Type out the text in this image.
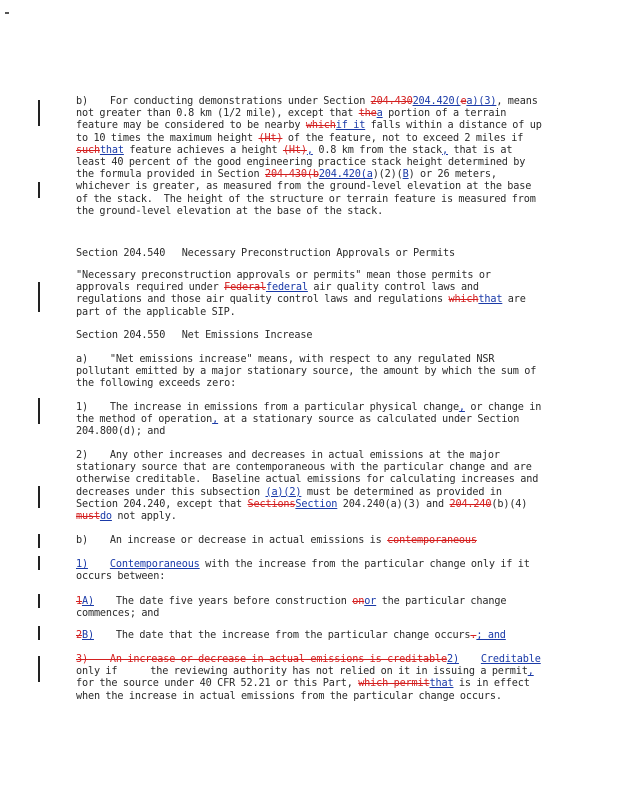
b)    For conducting demonstrations under Section 204.430204.420(ea)(3), means not greater than 0.8 km (1/2 mile), except that thea portion of a terrain feature may be considered to be nearby whichif it falls within a distance of up to 10 times the maximum height (Ht) of the feature, not to exceed 2 miles if suchthat feature achieves a height (Ht), 0.8 km from the stack, that is at least 40 percent of the good engineering practice stack height determined by the formula provided in Section 204.430(b204.420(a)(2)(B) or 26 meters, whichever is greater, as measured from the ground-level elevation at the base of the stack.  The height of the structure or terrain feature is measured from the ground-level elevation at the base of the stack.

Section 204.540   Necessary Preconstruction Approvals or Permits

"Necessary preconstruction approvals or permits" mean those permits or approvals required under Federalfederal air quality control laws and regulations and those air quality control laws and regulations whichthat are part of the applicable SIP.

Section 204.550   Net Emissions Increase

a)    "Net emissions increase" means, with respect to any regulated NSR pollutant emitted by a major stationary source, the amount by which the sum of the following exceeds zero:

1)    The increase in emissions from a particular physical change, or change in the method of operation, at a stationary source as calculated under Section 204.800(d); and

2)    Any other increases and decreases in actual emissions at the major stationary source that are contemporaneous with the particular change and are otherwise creditable.  Baseline actual emissions for calculating increases and decreases under this subsection (a)(2) must be determined as provided in Section 204.240, except that SectionsSection 204.240(a)(3) and 204.240(b)(4) mustdo not apply.

b)    An increase or decrease in actual emissions is contemporaneous

1) Contemporaneous with the increase from the particular change only if it occurs between:

1A)    The date five years before construction onor the particular change commences; and

2B)    The date that the increase from the particular change occurs.; and

3)    An increase or decrease in actual emissions is creditable2) Creditable only if      the reviewing authority has not relied on it in issuing a permit, for the source under 40 CFR 52.21 or this Part, which permitthat is in effect when the increase in actual emissions from the particular change occurs.
